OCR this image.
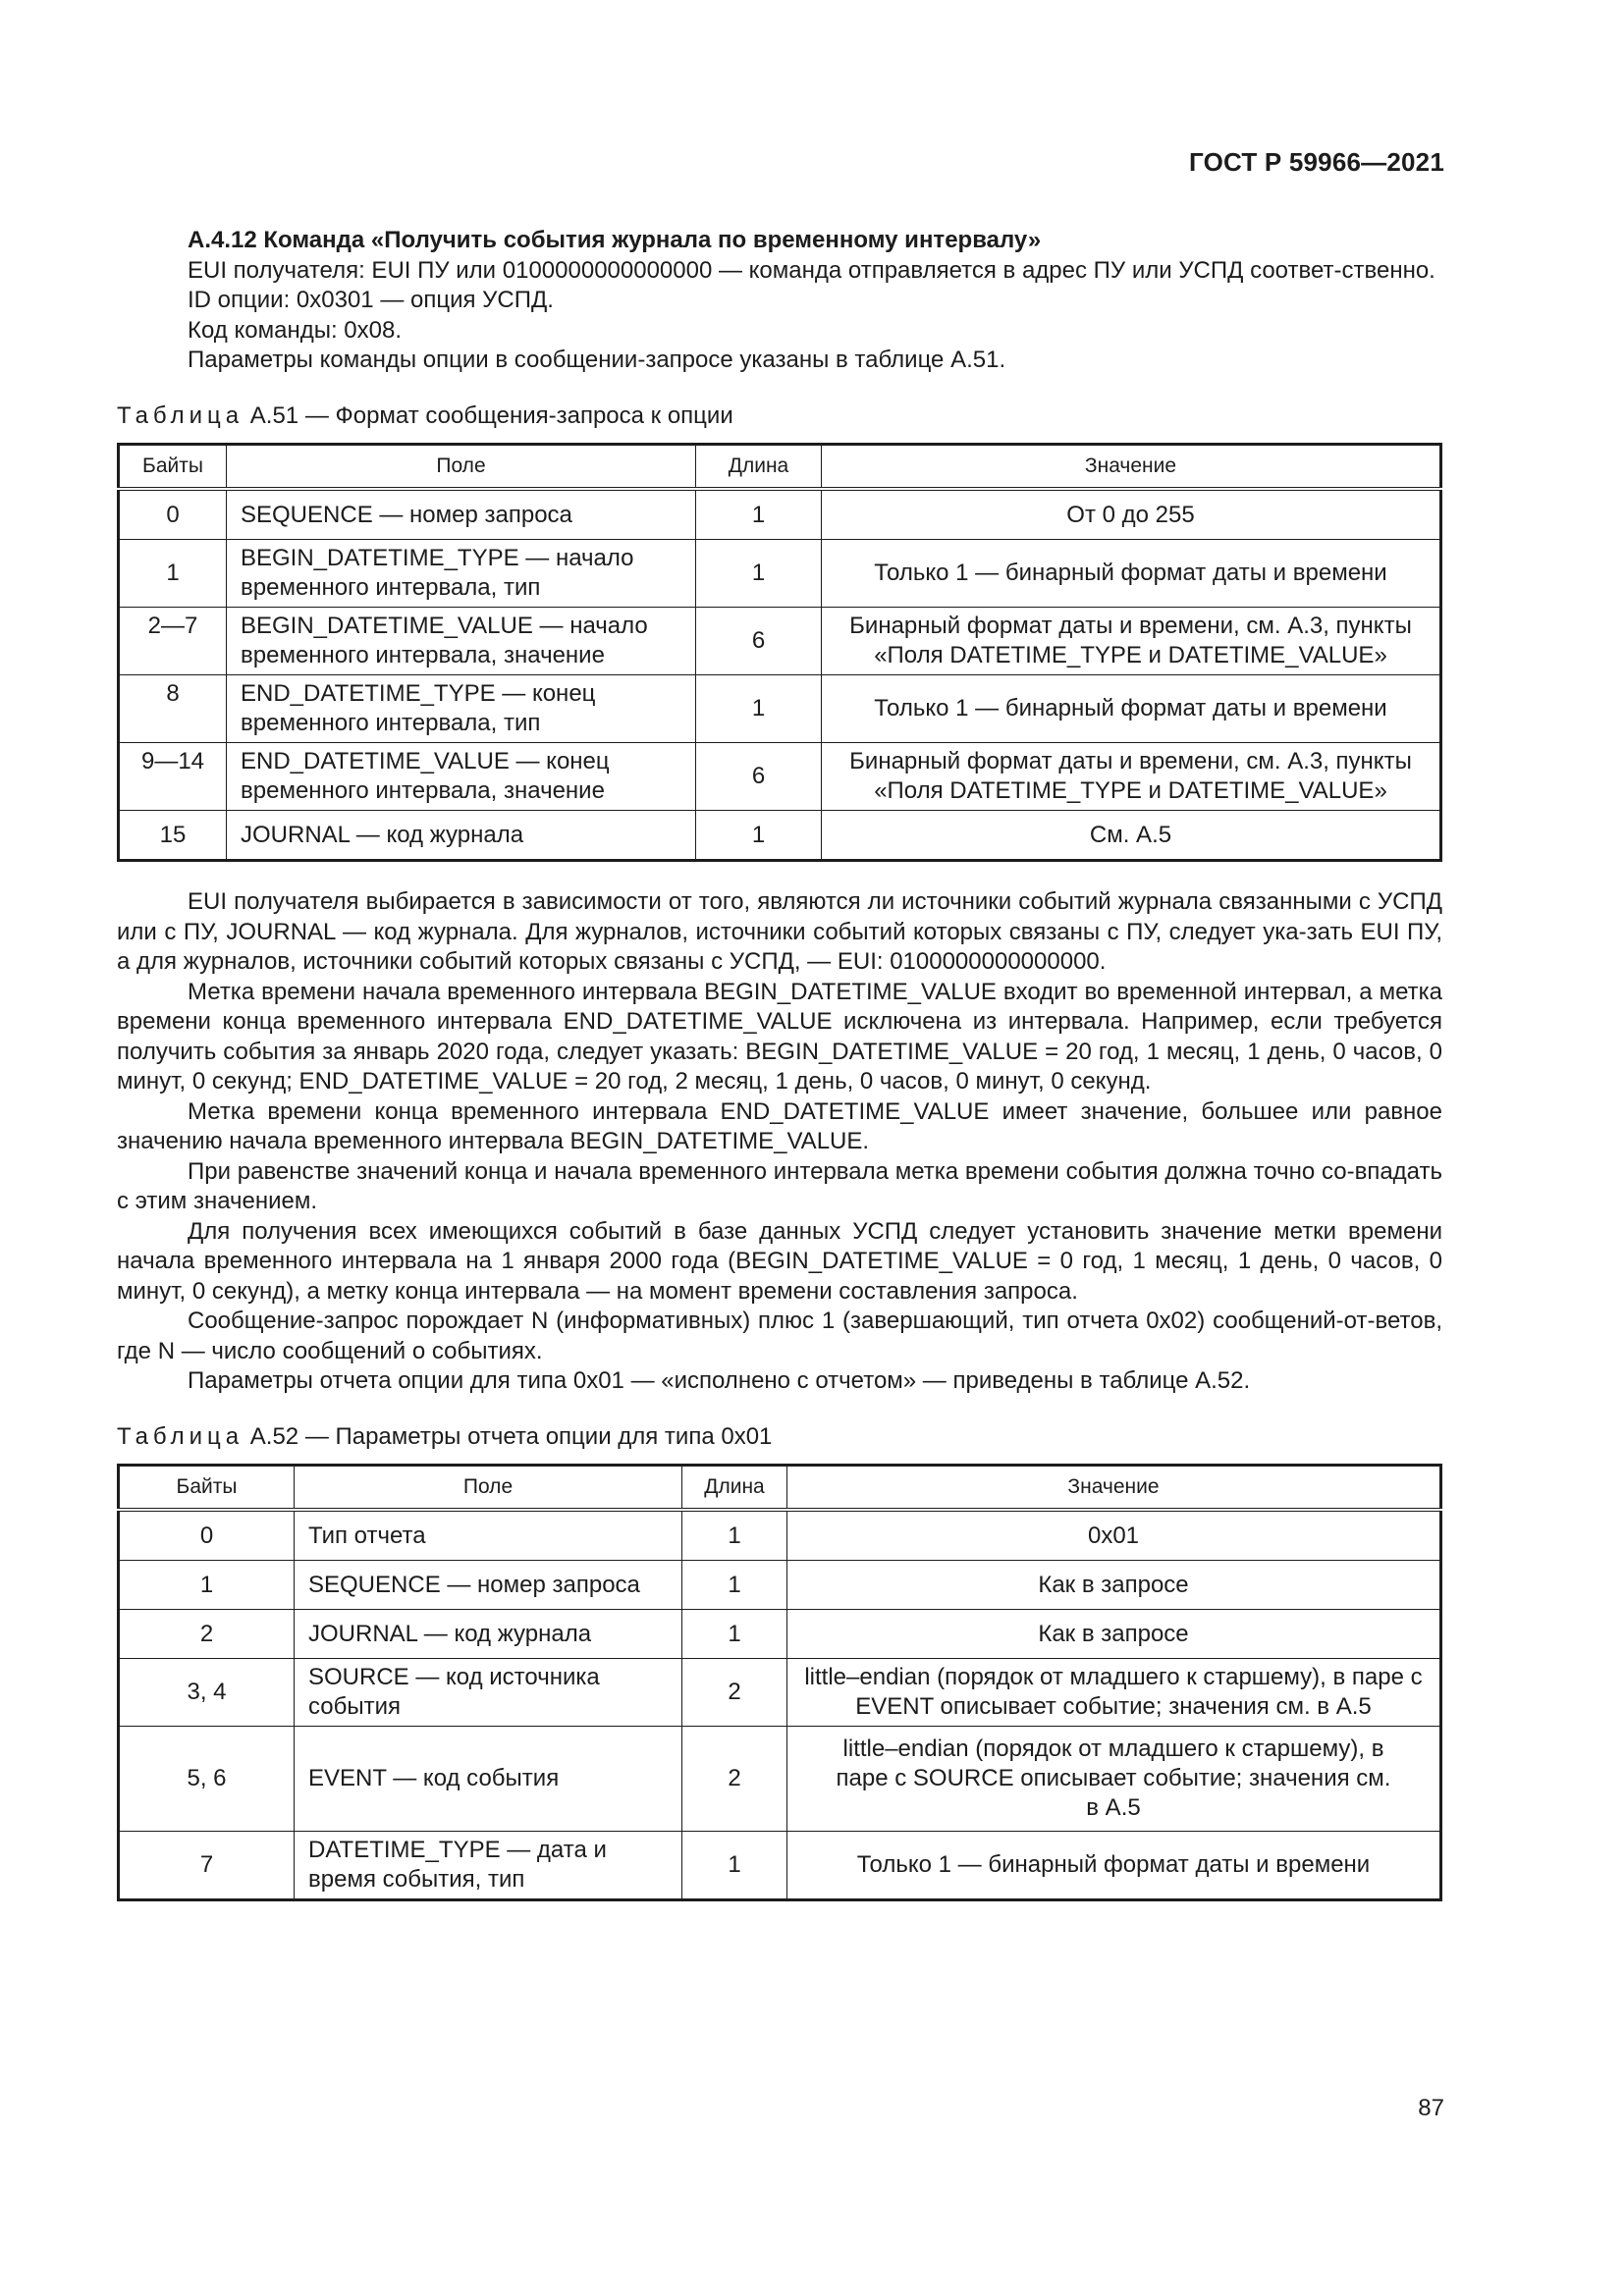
ГОСТ Р 59966—2021

А.4.12 Команда «Получить события журнала по временному интервалу»

EUI получателя: EUI ПУ или 0100000000000000 — команда отправляется в адрес ПУ или УСПД соответ-ственно.

ID опции: 0x0301 — опция УСПД.

Код команды: 0x08.

Параметры команды опции в сообщении-запросе указаны в таблице А.51.

Таблица А.51 — Формат сообщения-запроса к опции
Байты	Поле	Длина	Значение
0	SEQUENCE — номер запроса	1	От 0 до 255
1	BEGIN_DATETIME_TYPE — начало временного интервала, тип	1	Только 1 — бинарный формат даты и времени
2—7	BEGIN_DATETIME_VALUE — начало временного интервала, значение	6	Бинарный формат даты и времени, см. А.3, пункты «Поля DATETIME_TYPE и DATETIME_VALUE»
8	END_DATETIME_TYPE — конец временного интервала, тип	1	Только 1 — бинарный формат даты и времени
9—14	END_DATETIME_VALUE — конец временного интервала, значение	6	Бинарный формат даты и времени, см. А.3, пункты «Поля DATETIME_TYPE и DATETIME_VALUE»
15	JOURNAL — код журнала	1	См. А.5

EUI получателя выбирается в зависимости от того, являются ли источники событий журнала связанными с УСПД или с ПУ, JOURNAL — код журнала. Для журналов, источники событий которых связаны с ПУ, следует ука-зать EUI ПУ, а для журналов, источники событий которых связаны с УСПД, — EUI: 0100000000000000.

Метка времени начала временного интервала BEGIN_DATETIME_VALUE входит во временной интервал, а метка времени конца временного интервала END_DATETIME_VALUE исключена из интервала. Например, если требуется получить события за январь 2020 года, следует указать: BEGIN_DATETIME_VALUE = 20 год, 1 месяц, 1 день, 0 часов, 0 минут, 0 секунд; END_DATETIME_VALUE = 20 год, 2 месяц, 1 день, 0 часов, 0 минут, 0 секунд.

Метка времени конца временного интервала END_DATETIME_VALUE имеет значение, большее или равное значению начала временного интервала BEGIN_DATETIME_VALUE.

При равенстве значений конца и начала временного интервала метка времени события должна точно со-впадать с этим значением.

Для получения всех имеющихся событий в базе данных УСПД следует установить значение метки времени начала временного интервала на 1 января 2000 года (BEGIN_DATETIME_VALUE = 0 год, 1 месяц, 1 день, 0 часов, 0 минут, 0 секунд), а метку конца интервала — на момент времени составления запроса.

Сообщение-запрос порождает N (информативных) плюс 1 (завершающий, тип отчета 0x02) сообщений-от-ветов, где N — число сообщений о событиях.

Параметры отчета опции для типа 0x01 — «исполнено с отчетом» — приведены в таблице А.52.

Таблица А.52 — Параметры отчета опции для типа 0x01
Байты	Поле	Длина	Значение
0	Тип отчета	1	0x01
1	SEQUENCE — номер запроса	1	Как в запросе
2	JOURNAL — код журнала	1	Как в запросе
3, 4	SOURCE — код источника события	2	little–endian (порядок от младшего к старшему), в паре с EVENT описывает событие; значения см. в А.5
5, 6	EVENT — код события	2	little–endian (порядок от младшего к старшему), в паре с SOURCE описывает событие; значения см. в А.5
7	DATETIME_TYPE — дата и время события, тип	1	Только 1 — бинарный формат даты и времени
87
